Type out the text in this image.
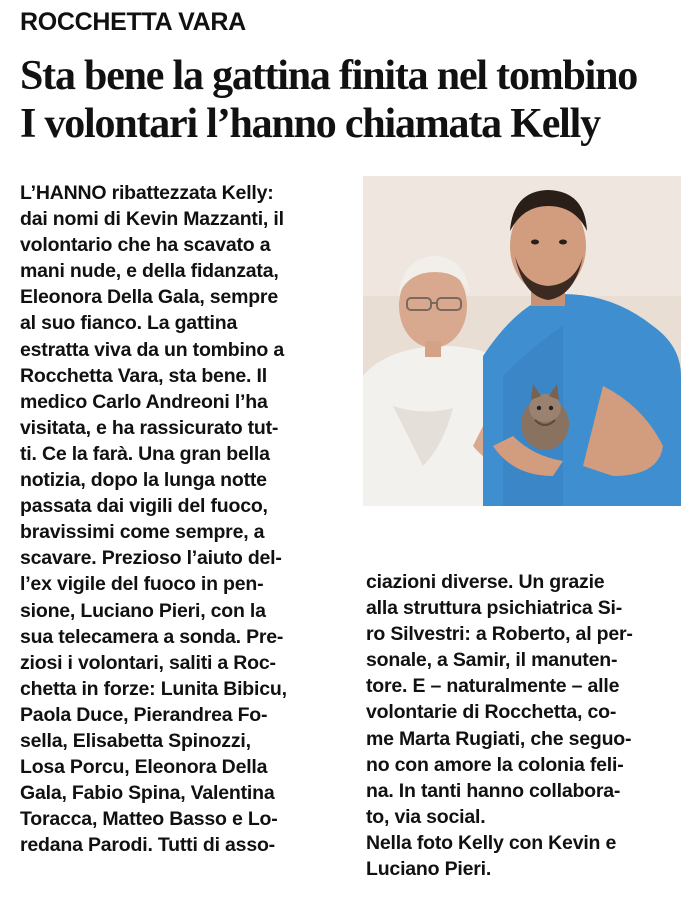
ROCCHETTA VARA
Sta bene la gattina finita nel tombino
I volontari l’hanno chiamata Kelly
L’HANNO ribattezzata Kelly:
dai nomi di Kevin Mazzanti, il
volontario che ha scavato a
mani nude, e della fidanzata,
Eleonora Della Gala, sempre
al suo fianco. La gattina
estratta viva da un tombino a
Rocchetta Vara, sta bene. Il
medico Carlo Andreoni l’ha
visitata, e ha rassicurato tut-
ti. Ce la farà. Una gran bella
notizia, dopo la lunga notte
passata dai vigili del fuoco,
bravissimi come sempre, a
scavare. Prezioso l’aiuto del-
l’ex vigile del fuoco in pen-
sione, Luciano Pieri, con la
sua telecamera a sonda. Pre-
ziosi i volontari, saliti a Roc-
chetta in forze: Lunita Bibicu,
Paola Duce, Pierandrea Fo-
sella, Elisabetta Spinozzi,
Losa Porcu, Eleonora Della
Gala, Fabio Spina, Valentina
Toracca, Matteo Basso e Lo-
redana Parodi. Tutti di asso-
ciazioni diverse. Un grazie
alla struttura psichiatrica Si-
ro Silvestri: a Roberto, al per-
sonale, a Samir, il manuten-
tore. E – naturalmente – alle
volontarie di Rocchetta, co-
me Marta Rugiati, che seguo-
no con amore la colonia feli-
na. In tanti hanno collabora-
to, via social.
Nella foto Kelly con Kevin e
Luciano Pieri.
